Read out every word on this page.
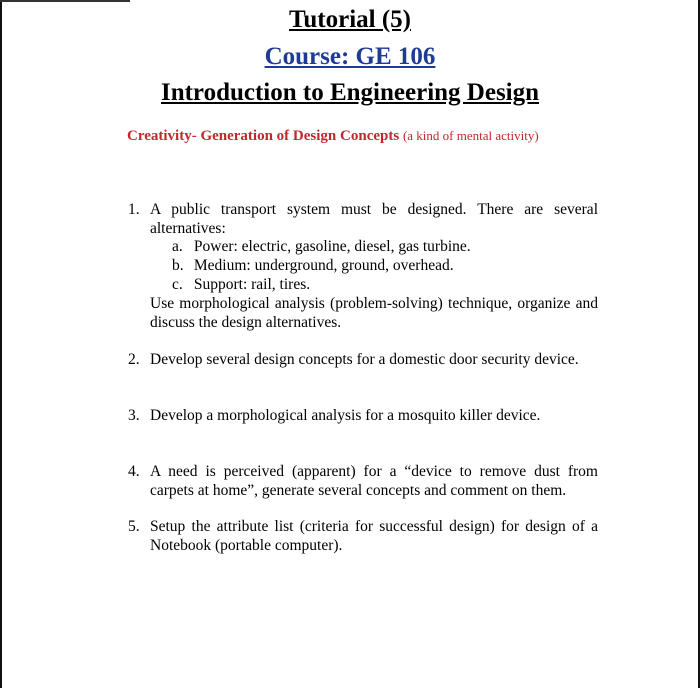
Tutorial (5)
Course: GE 106
Introduction to Engineering Design
Creativity- Generation of Design Concepts (a kind of mental activity)
1. A public transport system must be designed. There are several alternatives:
a. Power: electric, gasoline, diesel, gas turbine.
b. Medium: underground, ground, overhead.
c. Support: rail, tires.
Use morphological analysis (problem-solving) technique, organize and discuss the design alternatives.
2. Develop several design concepts for a domestic door security device.
3. Develop a morphological analysis for a mosquito killer device.
4. A need is perceived (apparent) for a “device to remove dust from carpets at home”, generate several concepts and comment on them.
5. Setup the attribute list (criteria for successful design) for design of a Notebook (portable computer).
